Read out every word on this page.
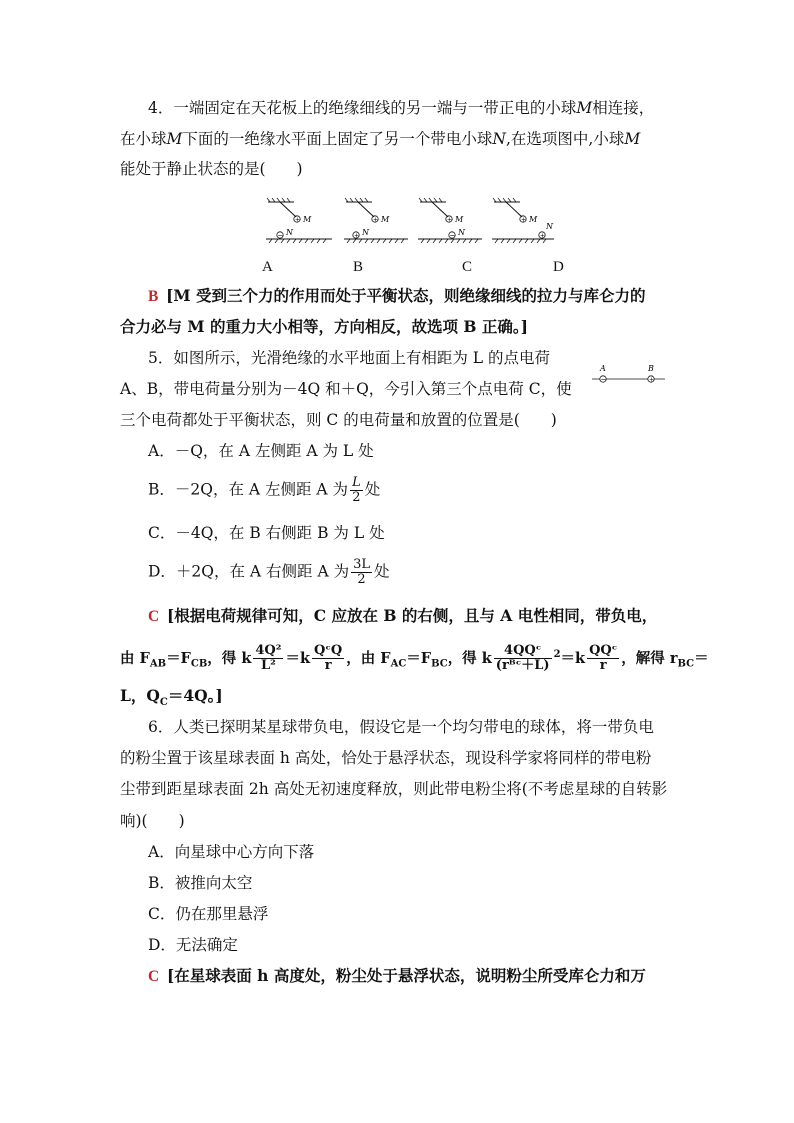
4．一端固定在天花板上的绝缘细线的另一端与一带正电的小球M相连接，
在小球M下面的一绝缘水平面上固定了另一个带电小球N,在选项图中,小球M
能处于静止状态的是(　　)
+ M
− N
+ M
+ N
+ M
− N
+ M
+
N
A	B	C	D
B  [M 受到三个力的作用而处于平衡状态，则绝缘细线的拉力与库仑力的
合力必与 M 的重力大小相等，方向相反，故选项 B 正确。]
5．如图所示，光滑绝缘的水平地面上有相距为 L 的点电荷
A	B
−	+
A、B，带电荷量分别为－4Q 和＋Q，今引入第三个点电荷 C，使
三个电荷都处于平衡状态，则 C 的电荷量和放置的位置是(　　)
A．－Q，在 A 左侧距 A 为 L 处
B．－2Q，在 A 左侧距 A 为 $\frac{L}{2}$ 处
C．－4Q，在 B 右侧距 B 为 L 处
D．＋2Q，在 A 右侧距 A 为 $\frac{3L}{2}$ 处
C  [根据电荷规律可知，C 应放在 B 的右侧，且与 A 电性相同，带负电，
由 $F_{AB}=F_{CB}$，得 k $\frac{\text{4Q²}}{\text{L²}} =k \frac{\text{QᶜQ}}{r}$ ，由 $F_{AC}=F_{BC}$，得 k $\frac{\text{4QQᶜ}}{\text{(rᴮᶜ＋L)}} ^2=k \frac{\text{QQᶜ}}{r}$ ，解得 $r_{BC}=$
L，$Q_C=4Q$。]
6．人类已探明某星球带负电，假设它是一个均匀带电的球体，将一带负电
的粉尘置于该星球表面 h 高处，恰处于悬浮状态，现设科学家将同样的带电粉
尘带到距星球表面 2h 高处无初速度释放，则此带电粉尘将(不考虑星球的自转影
响)(　　)
A．向星球中心方向下落
B．被推向太空
C．仍在那里悬浮
D．无法确定
C  [在星球表面 h 高度处，粉尘处于悬浮状态，说明粉尘所受库仑力和万
